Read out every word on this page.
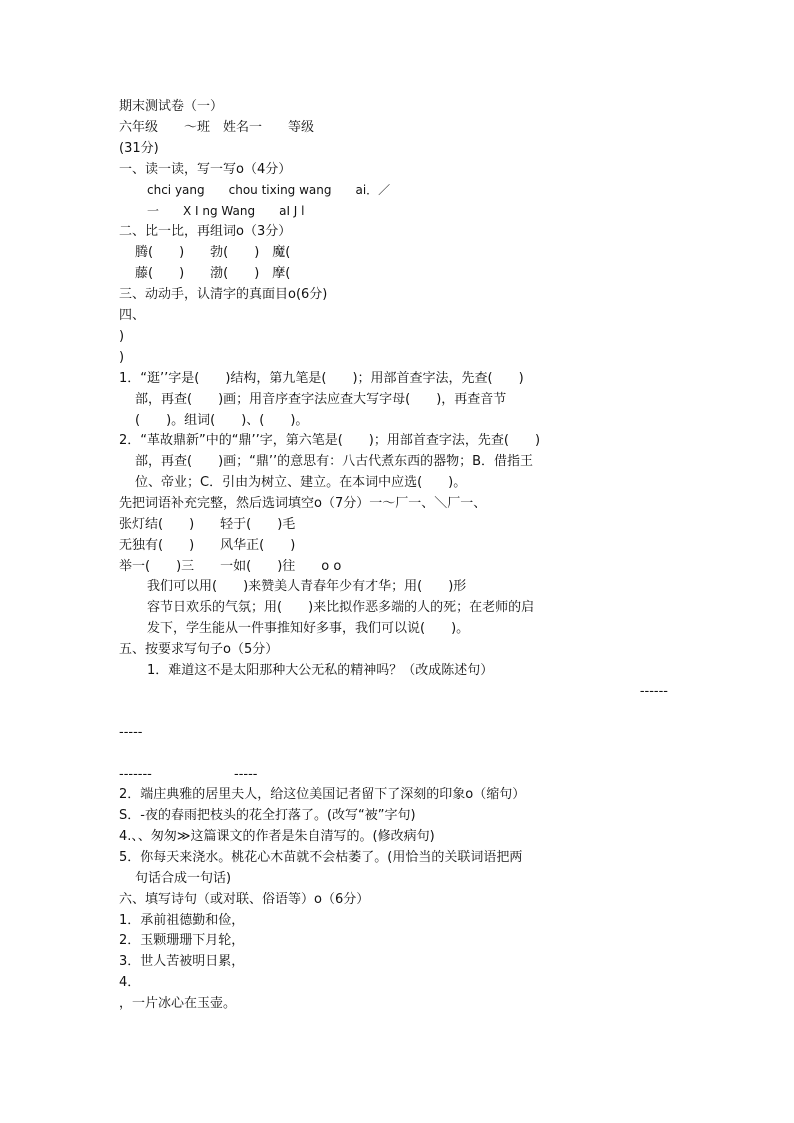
期末测试卷（一）
六年级　　～班　姓名一　　等级
(31分)
一、读一读，写一写o（4分）
chci yang　　chou tixing wang　　ai．／
一　　X I ng Wang　　aI J l
二、比一比，再组词o（3分）
腾(　　)　　勃(　　)　魔(
藤(　　)　　渤(　　)　摩(
三、动动手，认清字的真面目o(6分)
四、
)
)
1．“逛’’字是(　　)结构，第九笔是(　　)；用部首查字法，先查(　　)
部，再查(　　)画；用音序查字法应查大写字母(　　)，再查音节
(　　)。组词(　　)、(　　)。
2．“革故鼎新”中的“鼎’’字，第六笔是(　　)；用部首查字法，先查(　　)
部，再查(　　)画；“鼎’’的意思有：八古代煮东西的器物；B．借指王
位、帝业；C．引由为树立、建立。在本词中应选(　　)。
先把词语补充完整，然后选词填空o（7分）一～厂一、＼厂一、
张灯结(　　)　　轻于(　　)毛
无独有(　　)　　风华正(　　)
举一(　　)三　　一如(　　)往　　o o
我们可以用(　　)来赞美人青春年少有才华；用(　　)形
容节日欢乐的气氛；用(　　)来比拟作恶多端的人的死；在老师的启
发下，学生能从一件事推知好多事，我们可以说(　　)。
五、按要求写句子o（5分）
1．难道这不是太阳那种大公无私的精神吗？（改成陈述句）
------
-----
-------	-----
2．端庄典雅的居里夫人，给这位美国记者留下了深刻的印象o（缩句）
S．-夜的春雨把枝头的花全打落了。(改写“被”字句)
4.、、匆匆≫这篇课文的作者是朱自清写的。(修改病句)
5．你每天来浇水。桃花心木苗就不会枯萎了。(用恰当的关联词语把两
句话合成一句话)
六、填写诗句（或对联、俗语等）o（6分）
1．承前祖德勤和俭，
2．玉颗珊珊下月轮，
3．世人苦被明日累，
4．
，一片冰心在玉壶。
